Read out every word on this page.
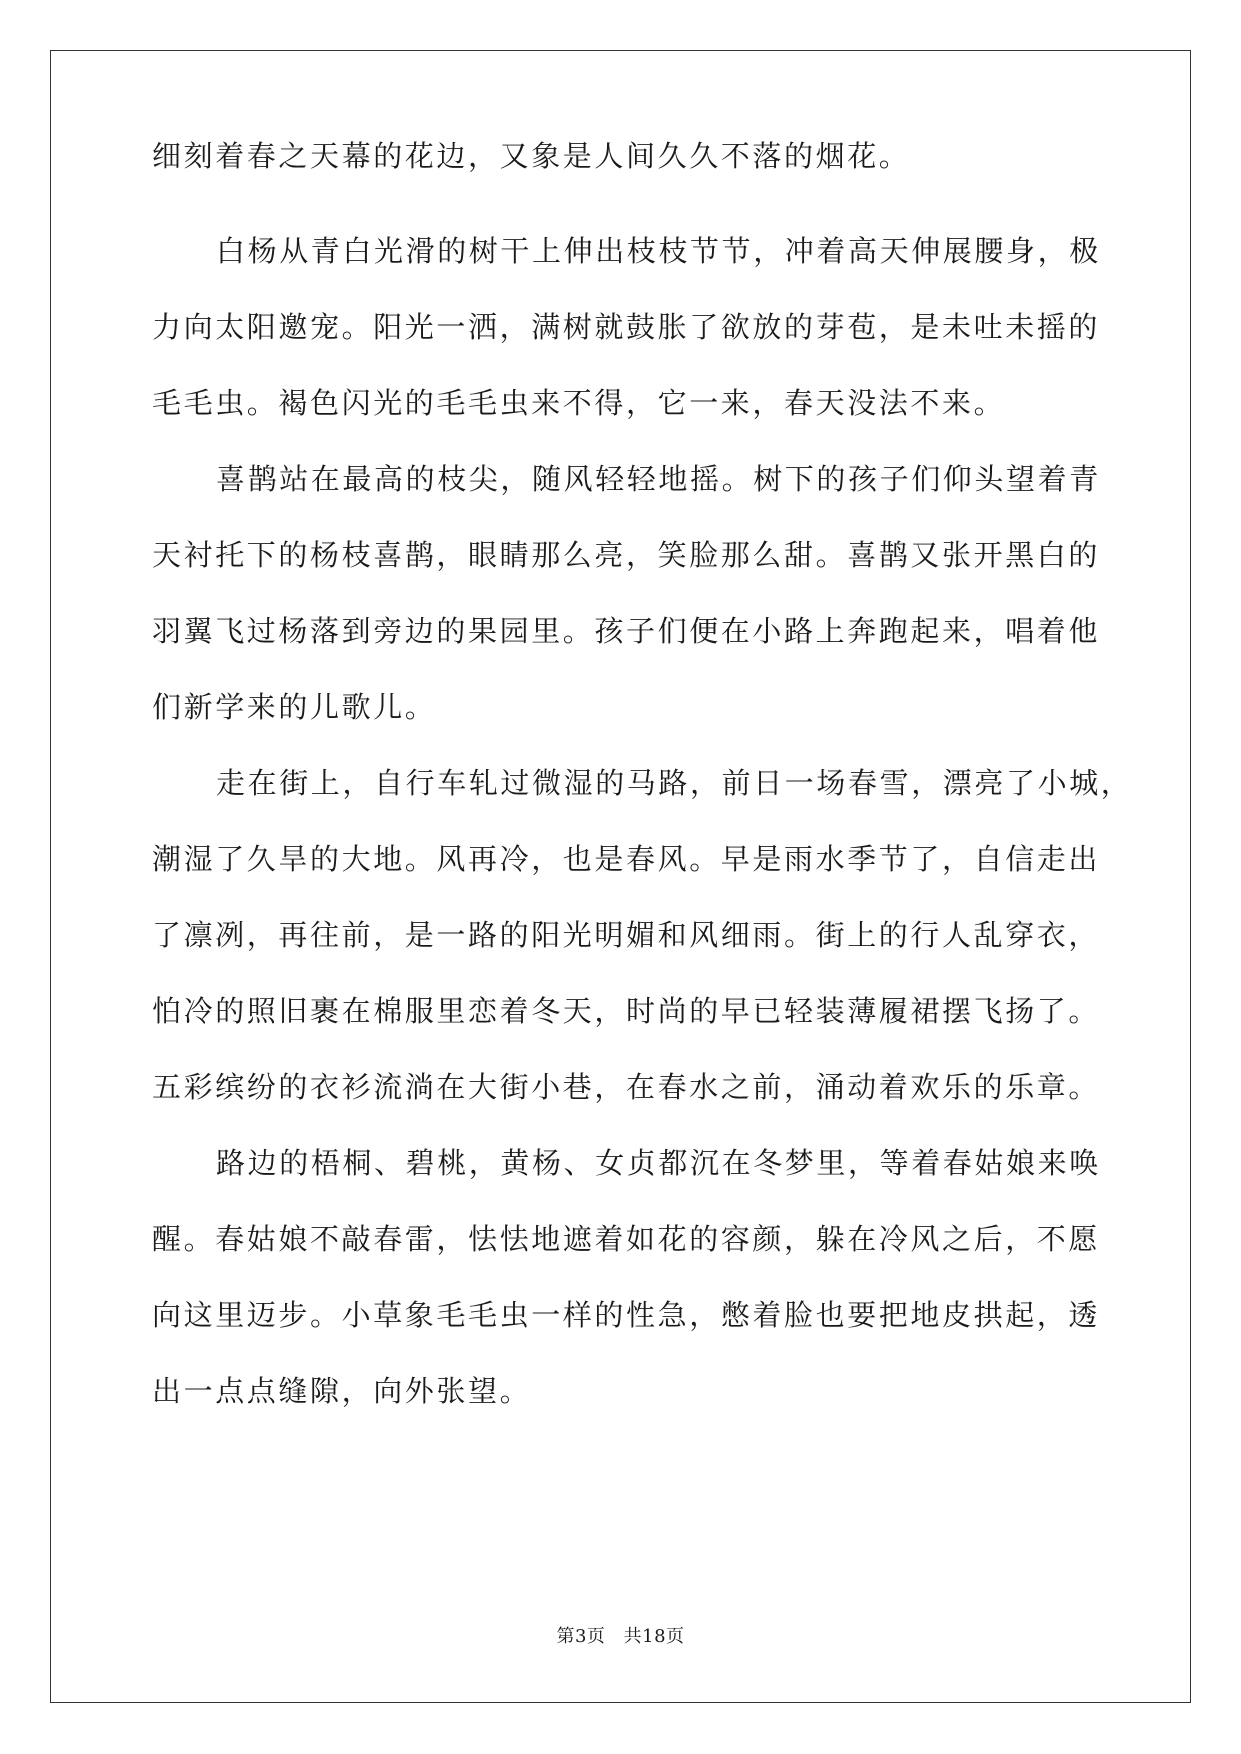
细刻着春之天幕的花边，又象是人间久久不落的烟花。
白杨从青白光滑的树干上伸出枝枝节节，冲着高天伸展腰身，极
力向太阳邀宠。阳光一洒，满树就鼓胀了欲放的芽苞，是未吐未摇的
毛毛虫。褐色闪光的毛毛虫来不得，它一来，春天没法不来。
喜鹊站在最高的枝尖，随风轻轻地摇。树下的孩子们仰头望着青
天衬托下的杨枝喜鹊，眼睛那么亮，笑脸那么甜。喜鹊又张开黑白的
羽翼飞过杨落到旁边的果园里。孩子们便在小路上奔跑起来，唱着他
们新学来的儿歌儿。
走在街上，自行车轧过微湿的马路，前日一场春雪，漂亮了小城，
潮湿了久旱的大地。风再冷，也是春风。早是雨水季节了，自信走出
了凛冽，再往前，是一路的阳光明媚和风细雨。街上的行人乱穿衣，
怕冷的照旧裹在棉服里恋着冬天，时尚的早已轻装薄履裙摆飞扬了。
五彩缤纷的衣衫流淌在大街小巷，在春水之前，涌动着欢乐的乐章。
路边的梧桐、碧桃，黄杨、女贞都沉在冬梦里，等着春姑娘来唤
醒。春姑娘不敲春雷，怯怯地遮着如花的容颜，躲在冷风之后，不愿
向这里迈步。小草象毛毛虫一样的性急，憋着脸也要把地皮拱起，透
出一点点缝隙，向外张望。
第3页 共18页
